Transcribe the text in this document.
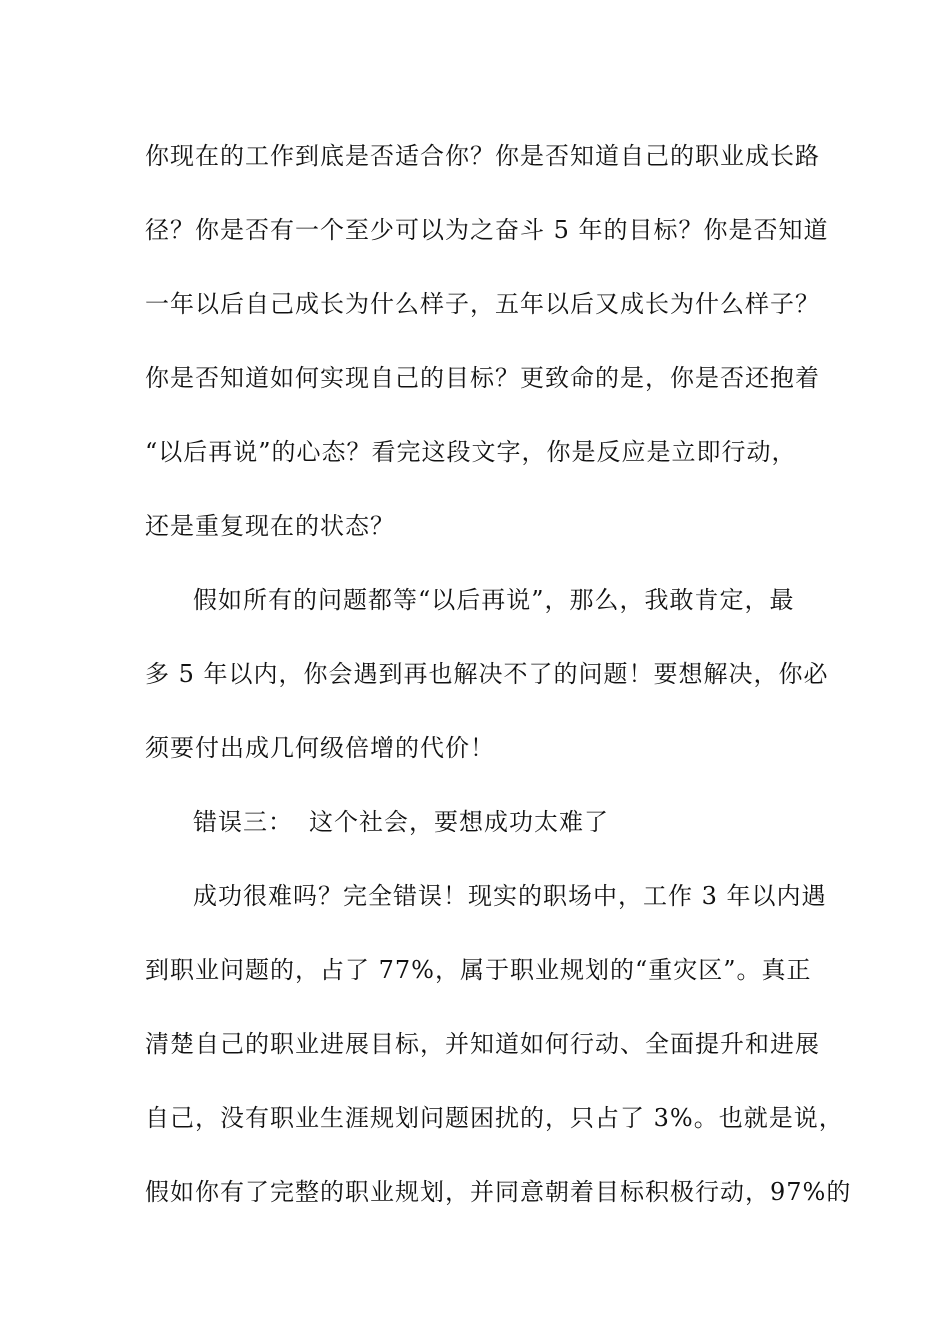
你现在的工作到底是否适合你？你是否知道自己的职业成长路
径？你是否有一个至少可以为之奋斗 5 年的目标？你是否知道
一年以后自己成长为什么样子，五年以后又成长为什么样子？
你是否知道如何实现自己的目标？更致命的是，你是否还抱着
“以后再说”的心态？看完这段文字，你是反应是立即行动，
还是重复现在的状态？
假如所有的问题都等“以后再说”，那么，我敢肯定，最
多 5 年以内，你会遇到再也解决不了的问题！要想解决，你必
须要付出成几何级倍增的代价！
错误三： 这个社会，要想成功太难了
成功很难吗？完全错误！现实的职场中，工作 3 年以内遇
到职业问题的，占了 77%，属于职业规划的“重灾区”。真正
清楚自己的职业进展目标，并知道如何行动、全面提升和进展
自己，没有职业生涯规划问题困扰的，只占了 3%。也就是说，
假如你有了完整的职业规划，并同意朝着目标积极行动，97%的
